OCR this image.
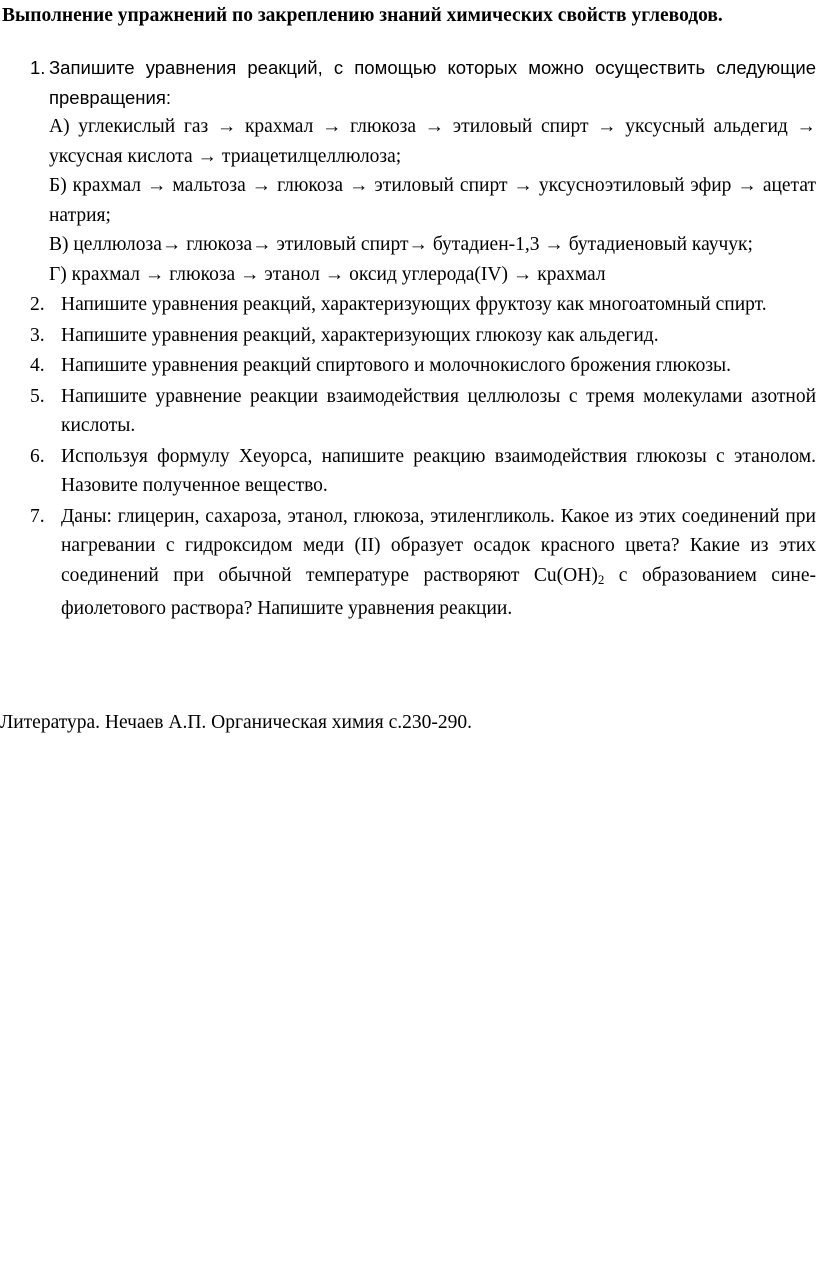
Выполнение упражнений по закреплению знаний химических свойств углеводов.
1. Запишите уравнения реакций, с помощью которых можно осуществить следующие превращения:
А) углекислый газ → крахмал → глюкоза → этиловый спирт → уксусный альдегид → уксусная кислота → триацетилцеллюлоза;
Б) крахмал → мальтоза → глюкоза → этиловый спирт → уксусноэтиловый эфир → ацетат натрия;
В) целлюлоза→ глюкоза→ этиловый спирт→ бутадиен-1,3 → бутадиеновый каучук;
Г) крахмал → глюкоза → этанол → оксид углерода(IV) → крахмал
2. Напишите уравнения реакций, характеризующих фруктозу как многоатомный спирт.
3. Напишите уравнения реакций, характеризующих глюкозу как альдегид.
4. Напишите уравнения реакций спиртового и молочнокислого брожения глюкозы.
5. Напишите уравнение реакции взаимодействия целлюлозы с тремя молекулами азотной кислоты.
6. Используя формулу Хеуорса, напишите реакцию взаимодействия глюкозы с этанолом. Назовите полученное вещество.
7. Даны: глицерин, сахароза, этанол, глюкоза, этиленгликоль. Какое из этих соединений при нагревании с гидроксидом меди (II) образует осадок красного цвета? Какие из этих соединений при обычной температуре растворяют $Cu(OH)_2$ с образованием сине-фиолетового раствора? Напишите уравнения реакции.
Литература. Нечаев А.П. Органическая химия с.230-290.
